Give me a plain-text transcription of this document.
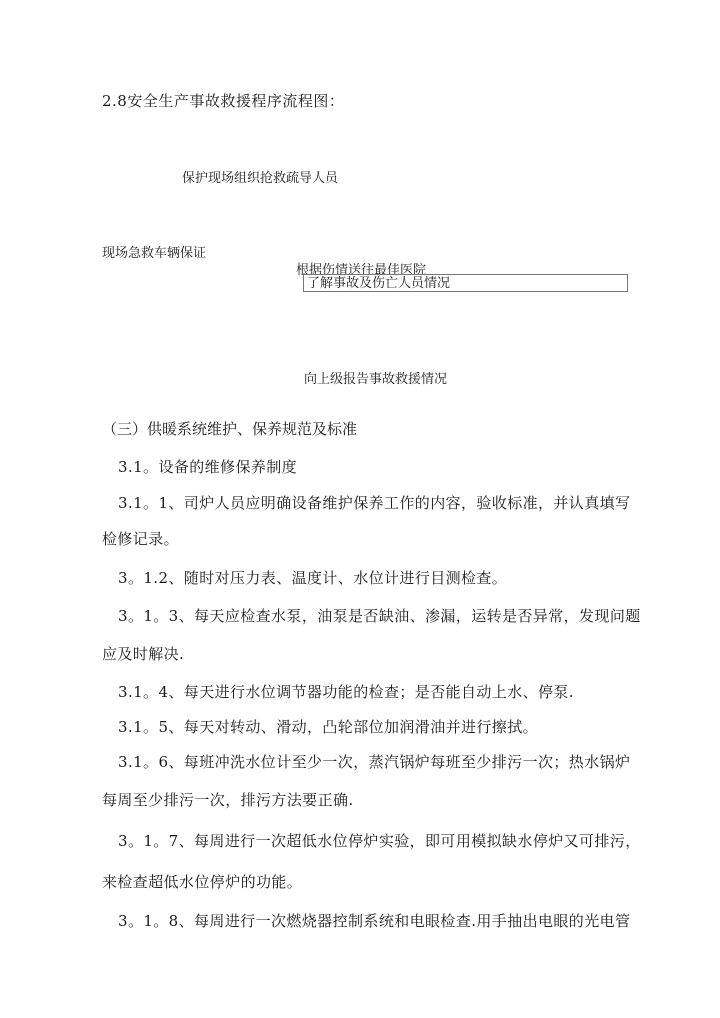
2.8安全生产事故救援程序流程图：
保护现场组织抢救疏导人员
现场急救车辆保证
根据伤情送往最佳医院
了解事故及伤亡人员情况
向上级报告事故救援情况
（三）供暖系统维护、保养规范及标准
3.1。设备的维修保养制度
3.1。1、司炉人员应明确设备维护保养工作的内容，验收标准，并认真填写
检修记录。
3。1.2、随时对压力表、温度计、水位计进行目测检查。
3。1。3、每天应检查水泵，油泵是否缺油、渗漏，运转是否异常，发现问题
应及时解决.
3.1。4、每天进行水位调节器功能的检查；是否能自动上水、停泵.
3.1。5、每天对转动、滑动，凸轮部位加润滑油并进行擦拭。
3.1。6、每班冲洗水位计至少一次，蒸汽锅炉每班至少排污一次；热水锅炉
每周至少排污一次，排污方法要正确.
3。1。7、每周进行一次超低水位停炉实验，即可用模拟缺水停炉又可排污，
来检查超低水位停炉的功能。
3。1。8、每周进行一次燃烧器控制系统和电眼检查.用手抽出电眼的光电管
